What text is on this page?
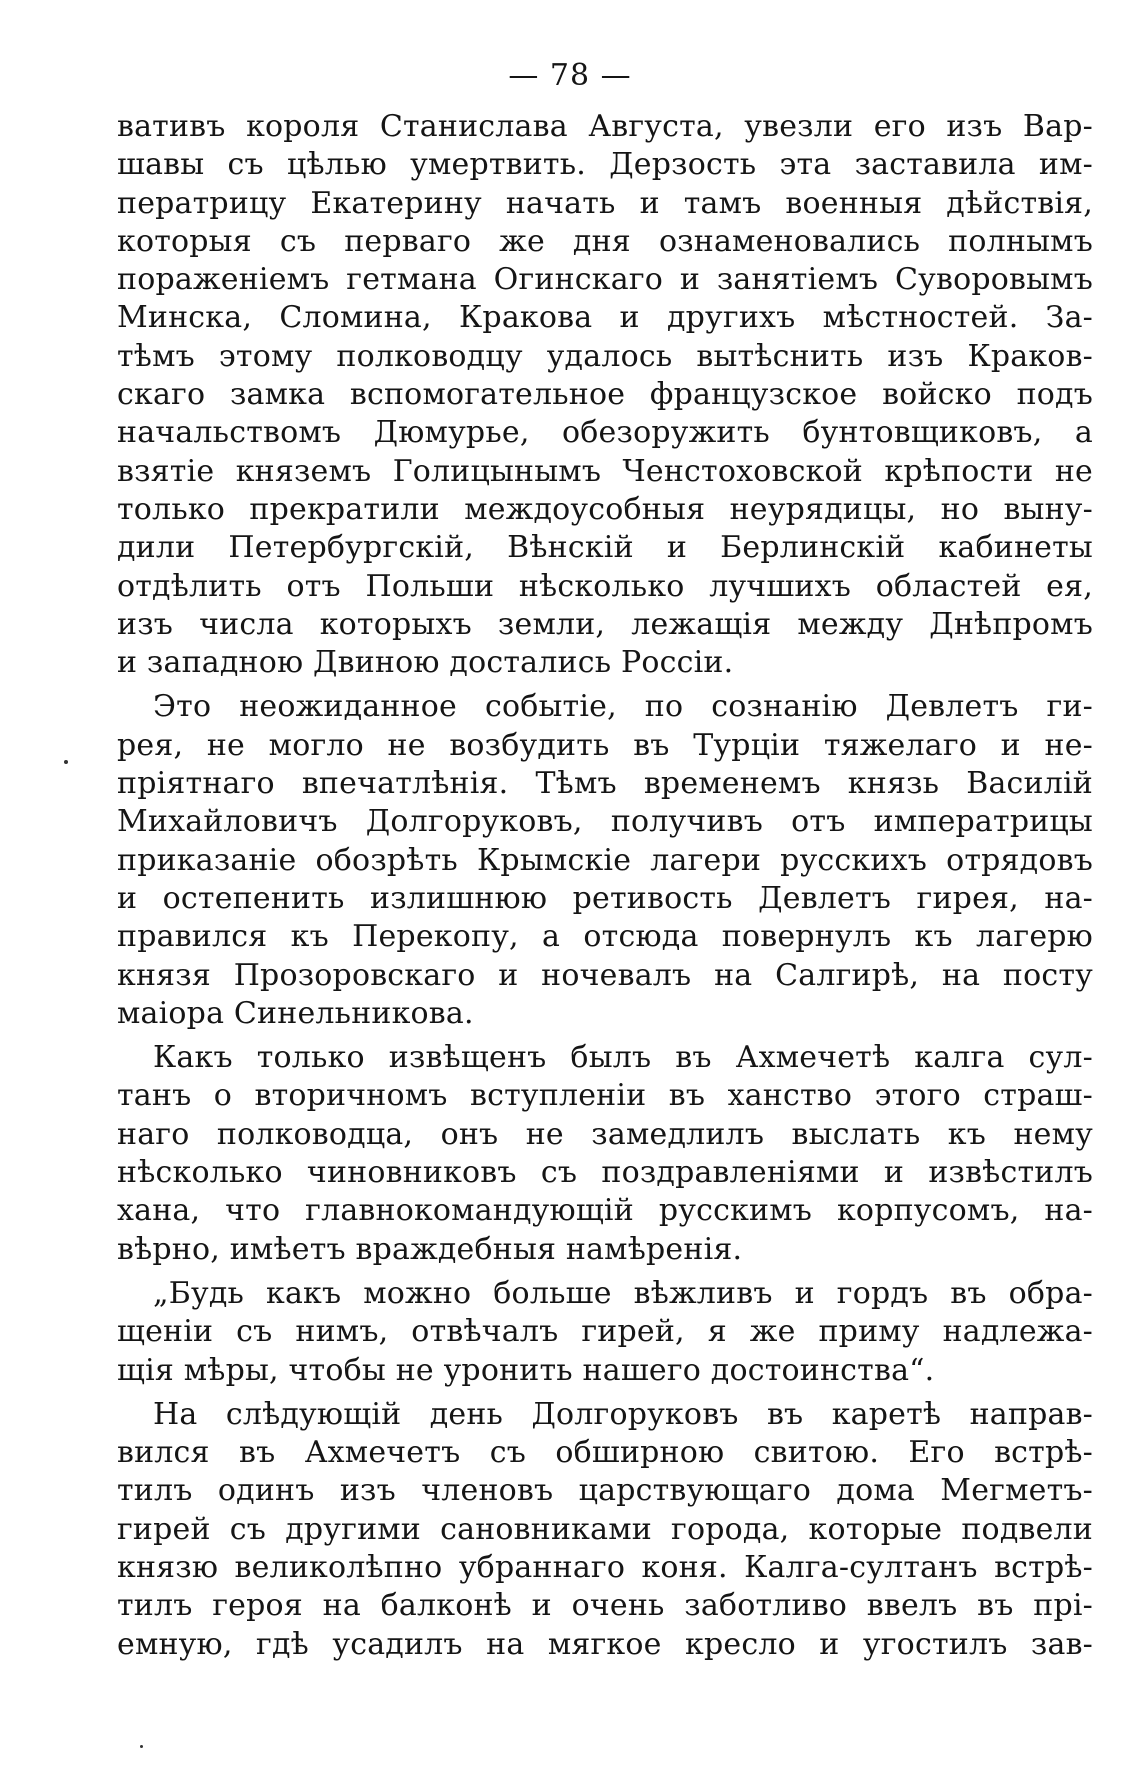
— 78 —
вативъ короля Станислава Августа, увезли его изъ Вар-
шавы съ цѣлью умертвить. Дерзость эта заставила им-
ператрицу Екатерину начать и тамъ военныя дѣйствія,
которыя съ перваго же дня ознаменовались полнымъ
пораженіемъ гетмана Огинскаго и занятіемъ Суворовымъ
Минска, Сломина, Кракова и другихъ мѣстностей. За-
тѣмъ этому полководцу удалось вытѣснить изъ Краков-
скаго замка вспомогательное французское войско подъ
начальствомъ Дюмурье, обезоружить бунтовщиковъ, а
взятіе княземъ Голицынымъ Ченстоховской крѣпости не
только прекратили междоусобныя неурядицы, но выну-
дили Петербургскій, Вѣнскій и Берлинскій кабинеты
отдѣлить отъ Польши нѣсколько лучшихъ областей ея,
изъ числа которыхъ земли, лежащія между Днѣпромъ
и западною Двиною достались Россіи.
Это неожиданное событіе, по сознанію Девлетъ ги-
рея, не могло не возбудить въ Турціи тяжелаго и не-
пріятнаго впечатлѣнія. Тѣмъ временемъ князь Василій
Михайловичъ Долгоруковъ, получивъ отъ императрицы
приказаніе обозрѣть Крымскіе лагери русскихъ отрядовъ
и остепенить излишнюю ретивость Девлетъ гирея, на-
правился къ Перекопу, а отсюда повернулъ къ лагерю
князя Прозоровскаго и ночевалъ на Салгирѣ, на посту
маіора Синельникова.
Какъ только извѣщенъ былъ въ Ахмечетѣ калга сул-
танъ о вторичномъ вступленіи въ ханство этого страш-
наго полководца, онъ не замедлилъ выслать къ нему
нѣсколько чиновниковъ съ поздравленіями и извѣстилъ
хана, что главнокомандующій русскимъ корпусомъ, на-
вѣрно, имѣетъ враждебныя намѣренія.
„Будь какъ можно больше вѣжливъ и гордъ въ обра-
щеніи съ нимъ, отвѣчалъ гирей, я же приму надлежа-
щія мѣры, чтобы не уронить нашего достоинства“.
На слѣдующій день Долгоруковъ въ каретѣ направ-
вился въ Ахмечетъ съ обширною свитою. Его встрѣ-
тилъ одинъ изъ членовъ царствующаго дома Мегметъ-
гирей съ другими сановниками города, которые подвели
князю великолѣпно убраннаго коня. Калга-султанъ встрѣ-
тилъ героя на балконѣ и очень заботливо ввелъ въ прі-
емную, гдѣ усадилъ на мягкое кресло и угостилъ зав-
